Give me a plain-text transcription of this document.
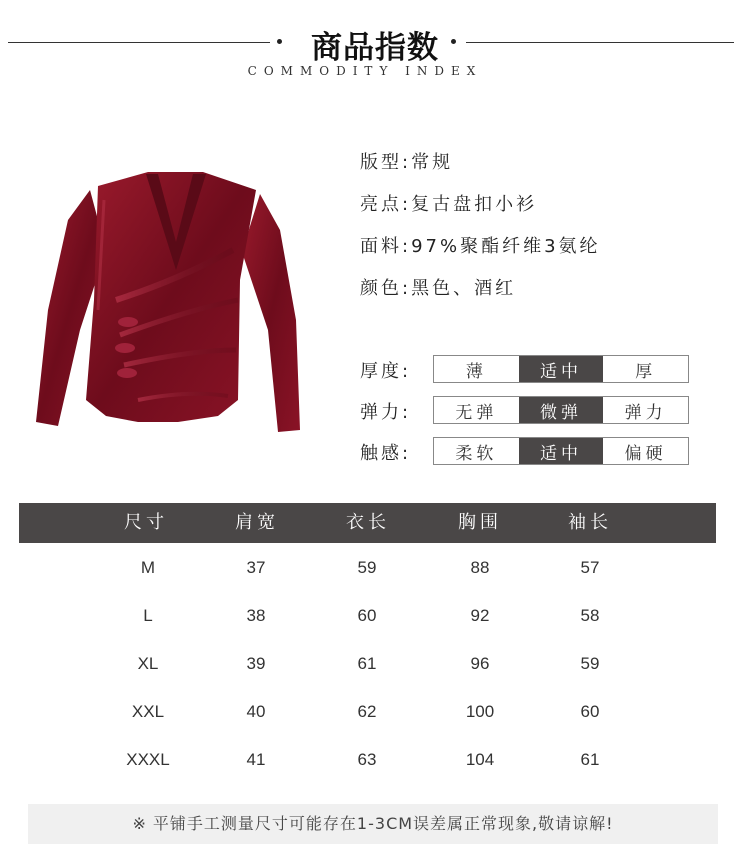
商品指数
COMMODITY INDEX
版型:常规
亮点:复古盘扣小衫
面料:97%聚酯纤维3氨纶
颜色:黑色、酒红
厚度:	薄	适中	厚
弹力:	无弹	微弹	弹力
触感:	柔软	适中	偏硬
尺寸	肩宽	衣长	胸围	袖长
M	37	59	88	57
L	38	60	92	58
XL	39	61	96	59
XXL	40	62	100	60
XXXL	41	63	104	61
※ 平铺手工测量尺寸可能存在1-3CM误差属正常现象,敬请谅解!
